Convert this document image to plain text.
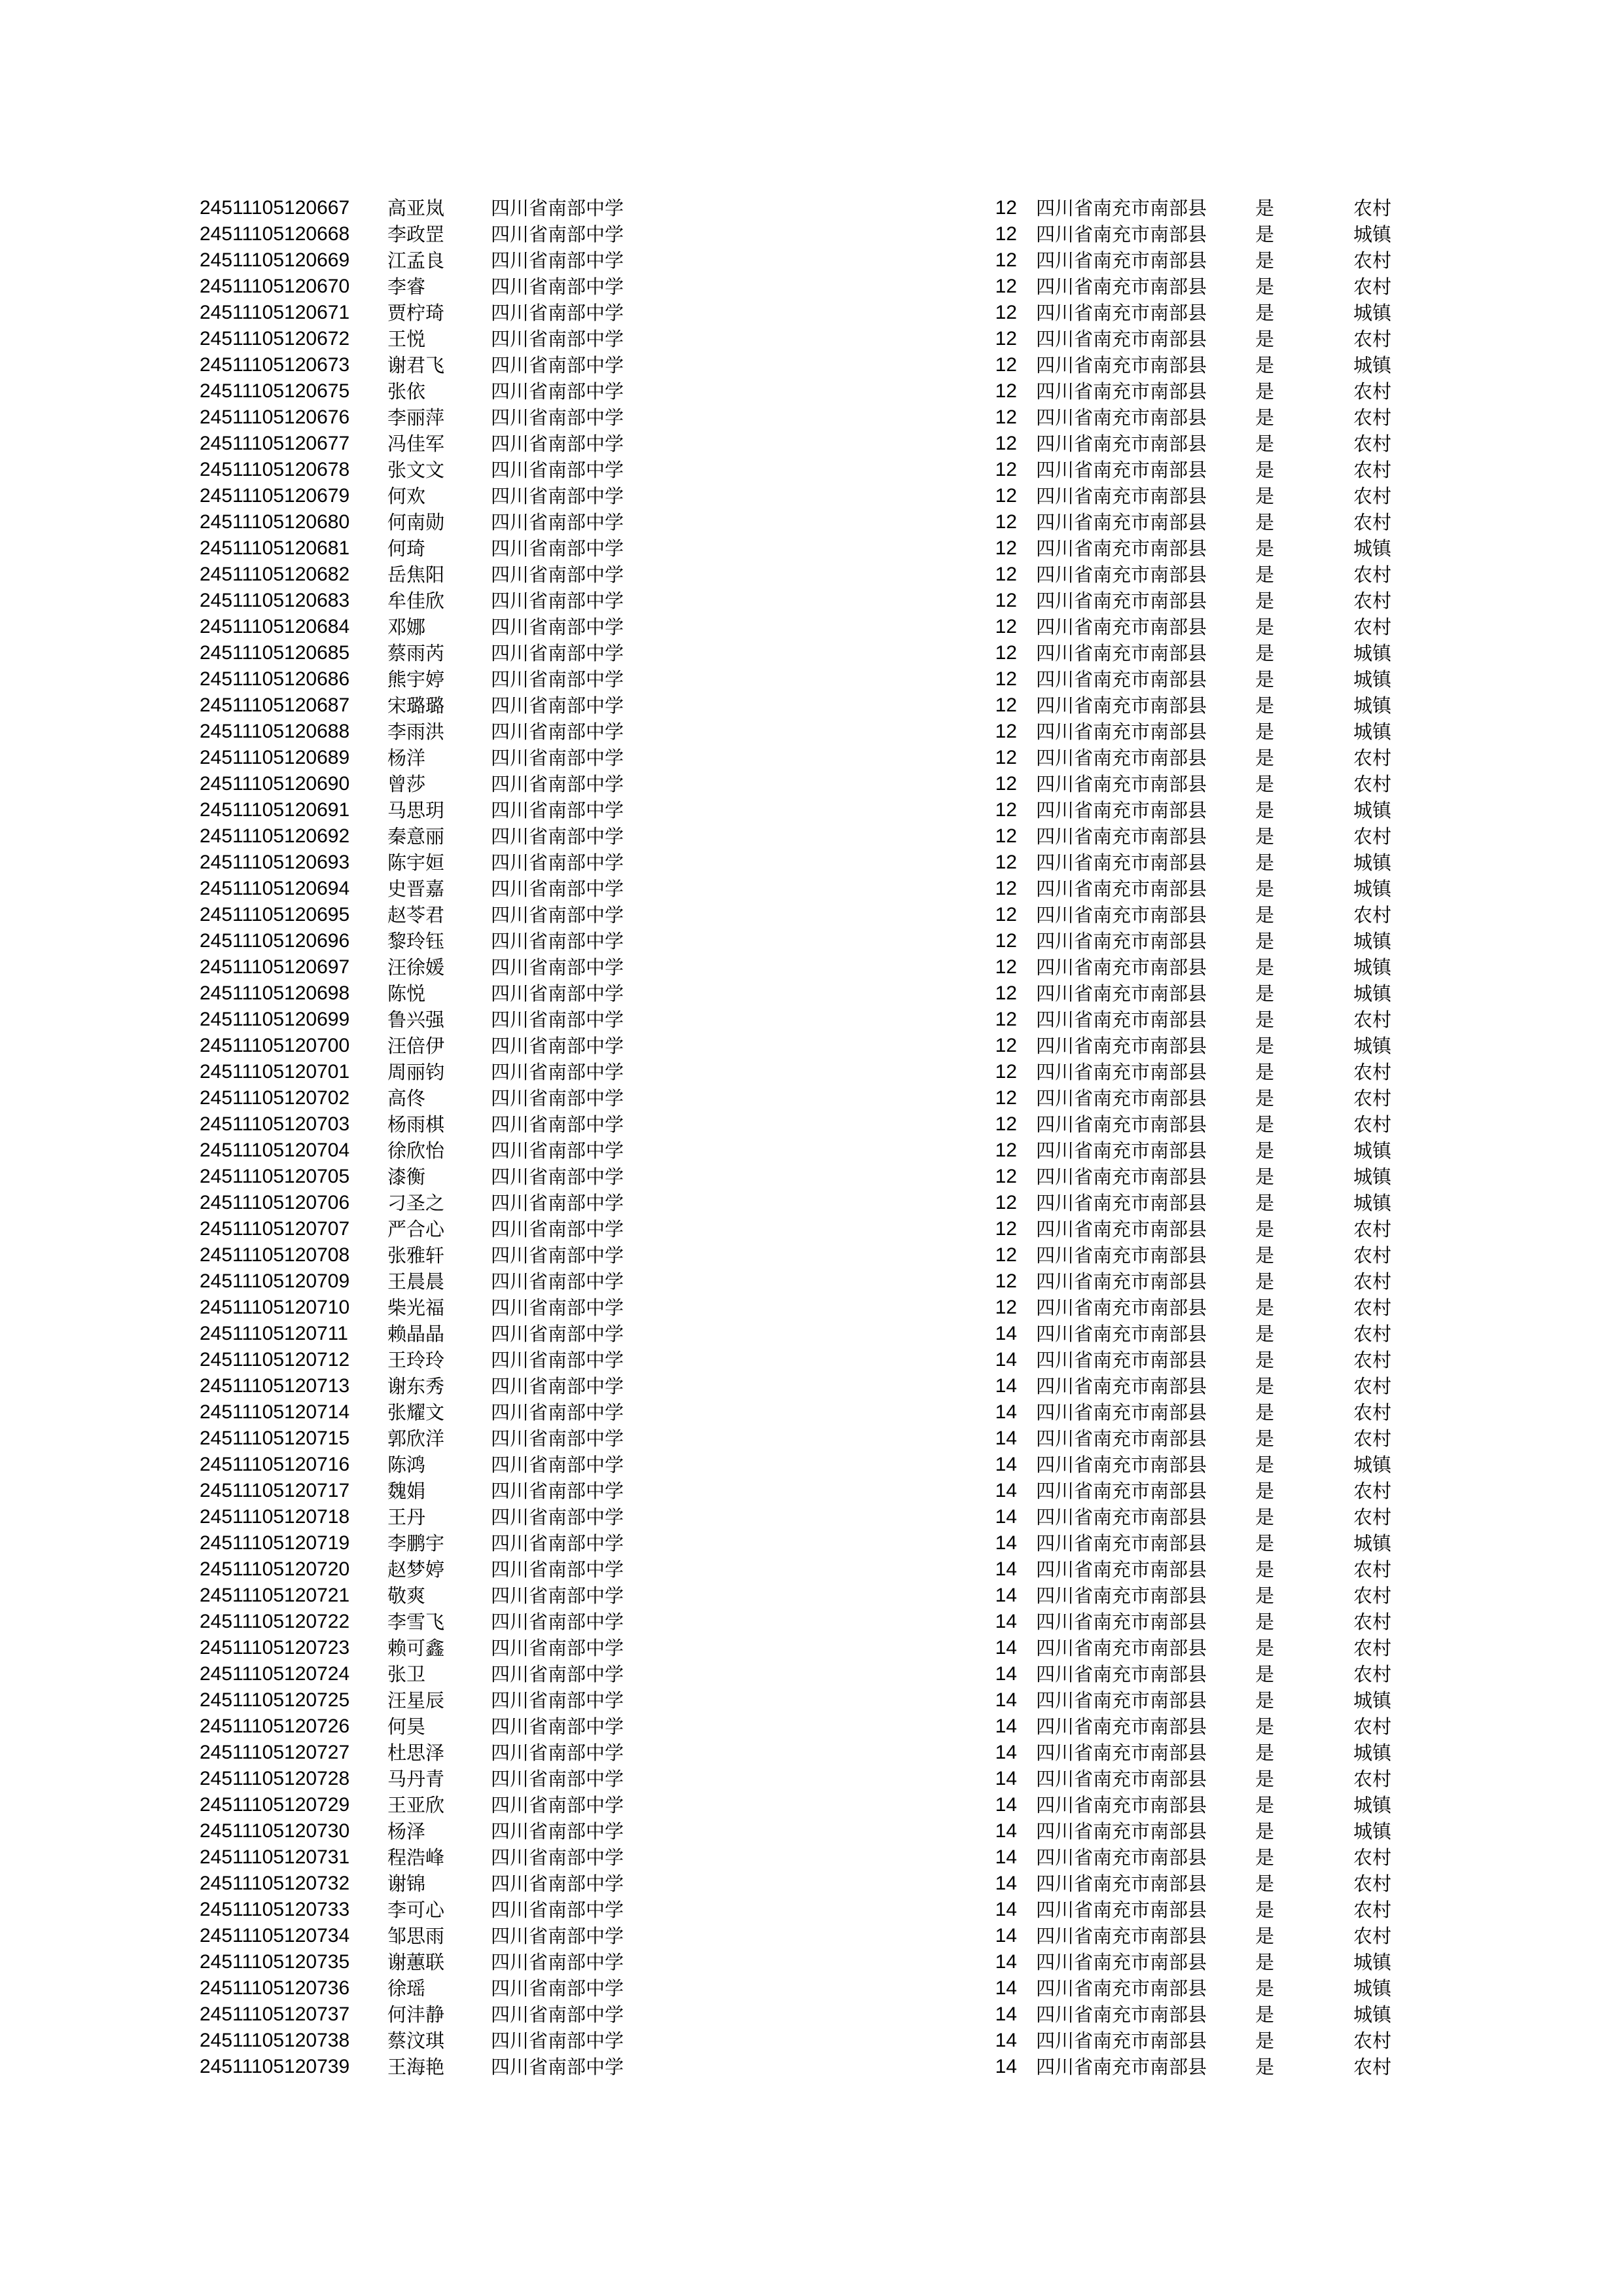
24511105120667 高亚岚 四川省南部中学	12 四川省南充市南部县	是	农村
24511105120668 李政罡 四川省南部中学	12 四川省南充市南部县	是	城镇
24511105120669 江孟良 四川省南部中学	12 四川省南充市南部县	是	农村
24511105120670 李睿	四川省南部中学	12 四川省南充市南部县	是	农村
24511105120671 贾柠琦 四川省南部中学	12 四川省南充市南部县	是	城镇
24511105120672 王悦	四川省南部中学	12 四川省南充市南部县	是	农村
24511105120673 谢君飞 四川省南部中学	12 四川省南充市南部县	是	城镇
24511105120675 张依	四川省南部中学	12 四川省南充市南部县	是	农村
24511105120676 李丽萍 四川省南部中学	12 四川省南充市南部县	是	农村
24511105120677 冯佳军 四川省南部中学	12 四川省南充市南部县	是	农村
24511105120678 张文文 四川省南部中学	12 四川省南充市南部县	是	农村
24511105120679 何欢	四川省南部中学	12 四川省南充市南部县	是	农村
24511105120680 何南勋 四川省南部中学	12 四川省南充市南部县	是	农村
24511105120681 何琦	四川省南部中学	12 四川省南充市南部县	是	城镇
24511105120682 岳焦阳 四川省南部中学	12 四川省南充市南部县	是	农村
24511105120683 牟佳欣 四川省南部中学	12 四川省南充市南部县	是	农村
24511105120684 邓娜	四川省南部中学	12 四川省南充市南部县	是	农村
24511105120685 蔡雨芮 四川省南部中学	12 四川省南充市南部县	是	城镇
24511105120686 熊宇婷 四川省南部中学	12 四川省南充市南部县	是	城镇
24511105120687 宋璐璐 四川省南部中学	12 四川省南充市南部县	是	城镇
24511105120688 李雨洪 四川省南部中学	12 四川省南充市南部县	是	城镇
24511105120689 杨洋	四川省南部中学	12 四川省南充市南部县	是	农村
24511105120690 曾莎	四川省南部中学	12 四川省南充市南部县	是	农村
24511105120691 马思玥 四川省南部中学	12 四川省南充市南部县	是	城镇
24511105120692 秦意丽 四川省南部中学	12 四川省南充市南部县	是	农村
24511105120693 陈宇姮 四川省南部中学	12 四川省南充市南部县	是	城镇
24511105120694 史晋嘉 四川省南部中学	12 四川省南充市南部县	是	城镇
24511105120695 赵苓君 四川省南部中学	12 四川省南充市南部县	是	农村
24511105120696 黎玲钰 四川省南部中学	12 四川省南充市南部县	是	城镇
24511105120697 汪徐媛 四川省南部中学	12 四川省南充市南部县	是	城镇
24511105120698 陈悦	四川省南部中学	12 四川省南充市南部县	是	城镇
24511105120699 鲁兴强 四川省南部中学	12 四川省南充市南部县	是	农村
24511105120700 汪倍伊 四川省南部中学	12 四川省南充市南部县	是	城镇
24511105120701 周丽钧 四川省南部中学	12 四川省南充市南部县	是	农村
24511105120702 高佟	四川省南部中学	12 四川省南充市南部县	是	农村
24511105120703 杨雨棋 四川省南部中学	12 四川省南充市南部县	是	农村
24511105120704 徐欣怡 四川省南部中学	12 四川省南充市南部县	是	城镇
24511105120705 漆衡	四川省南部中学	12 四川省南充市南部县	是	城镇
24511105120706 刁圣之 四川省南部中学	12 四川省南充市南部县	是	城镇
24511105120707 严合心 四川省南部中学	12 四川省南充市南部县	是	农村
24511105120708 张雅轩 四川省南部中学	12 四川省南充市南部县	是	农村
24511105120709 王晨晨 四川省南部中学	12 四川省南充市南部县	是	农村
24511105120710 柴光福 四川省南部中学	12 四川省南充市南部县	是	农村
24511105120711 赖晶晶 四川省南部中学	14 四川省南充市南部县	是	农村
24511105120712 王玲玲 四川省南部中学	14 四川省南充市南部县	是	农村
24511105120713 谢东秀 四川省南部中学	14 四川省南充市南部县	是	农村
24511105120714 张耀文 四川省南部中学	14 四川省南充市南部县	是	农村
24511105120715 郭欣洋 四川省南部中学	14 四川省南充市南部县	是	农村
24511105120716 陈鸿	四川省南部中学	14 四川省南充市南部县	是	城镇
24511105120717 魏娟	四川省南部中学	14 四川省南充市南部县	是	农村
24511105120718 王丹	四川省南部中学	14 四川省南充市南部县	是	农村
24511105120719 李鹏宇 四川省南部中学	14 四川省南充市南部县	是	城镇
24511105120720 赵梦婷 四川省南部中学	14 四川省南充市南部县	是	农村
24511105120721 敬爽	四川省南部中学	14 四川省南充市南部县	是	农村
24511105120722 李雪飞 四川省南部中学	14 四川省南充市南部县	是	农村
24511105120723 赖可鑫 四川省南部中学	14 四川省南充市南部县	是	农村
24511105120724 张卫	四川省南部中学	14 四川省南充市南部县	是	农村
24511105120725 汪星辰 四川省南部中学	14 四川省南充市南部县	是	城镇
24511105120726 何昊	四川省南部中学	14 四川省南充市南部县	是	农村
24511105120727 杜思泽 四川省南部中学	14 四川省南充市南部县	是	城镇
24511105120728 马丹青 四川省南部中学	14 四川省南充市南部县	是	农村
24511105120729 王亚欣 四川省南部中学	14 四川省南充市南部县	是	城镇
24511105120730 杨泽	四川省南部中学	14 四川省南充市南部县	是	城镇
24511105120731 程浩峰 四川省南部中学	14 四川省南充市南部县	是	农村
24511105120732 谢锦	四川省南部中学	14 四川省南充市南部县	是	农村
24511105120733 李可心 四川省南部中学	14 四川省南充市南部县	是	农村
24511105120734 邹思雨 四川省南部中学	14 四川省南充市南部县	是	农村
24511105120735 谢蕙联 四川省南部中学	14 四川省南充市南部县	是	城镇
24511105120736 徐瑶	四川省南部中学	14 四川省南充市南部县	是	城镇
24511105120737 何沣静 四川省南部中学	14 四川省南充市南部县	是	城镇
24511105120738 蔡汶琪 四川省南部中学	14 四川省南充市南部县	是	农村
24511105120739 王海艳 四川省南部中学	14 四川省南充市南部县	是	农村
